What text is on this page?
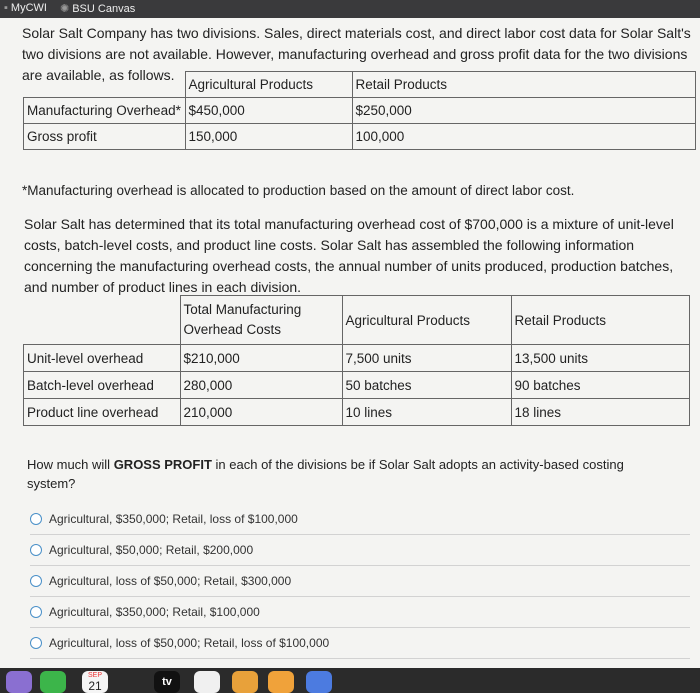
▪ MyCWI ✺ BSU Canvas

Solar Salt Company has two divisions. Sales, direct materials cost, and direct labor cost data for Solar Salt's two divisions are not available. However, manufacturing overhead and gross profit data for the two divisions are available, as follows.

	Agricultural Products	Retail Products
Manufacturing Overhead*	$450,000	$250,000
Gross profit	150,000	100,000

*Manufacturing overhead is allocated to production based on the amount of direct labor cost.

Solar Salt has determined that its total manufacturing overhead cost of $700,000 is a mixture of unit-level costs, batch-level costs, and product line costs. Solar Salt has assembled the following information concerning the manufacturing overhead costs, the annual number of units produced, production batches, and number of product lines in each division.

	Total Manufacturing Overhead Costs	Agricultural Products	Retail Products
Unit-level overhead	$210,000	7,500 units	13,500 units
Batch-level overhead	280,000	50 batches	90 batches
Product line overhead	210,000	10 lines	18 lines

How much will GROSS PROFIT in each of the divisions be if Solar Salt adopts an activity-based costing system?

Agricultural, $350,000; Retail, loss of $100,000
Agricultural, $50,000; Retail, $200,000
Agricultural, loss of $50,000; Retail, $300,000
Agricultural, $350,000; Retail, $100,000
Agricultural, loss of $50,000; Retail, loss of $100,000
SEP
21	tv
